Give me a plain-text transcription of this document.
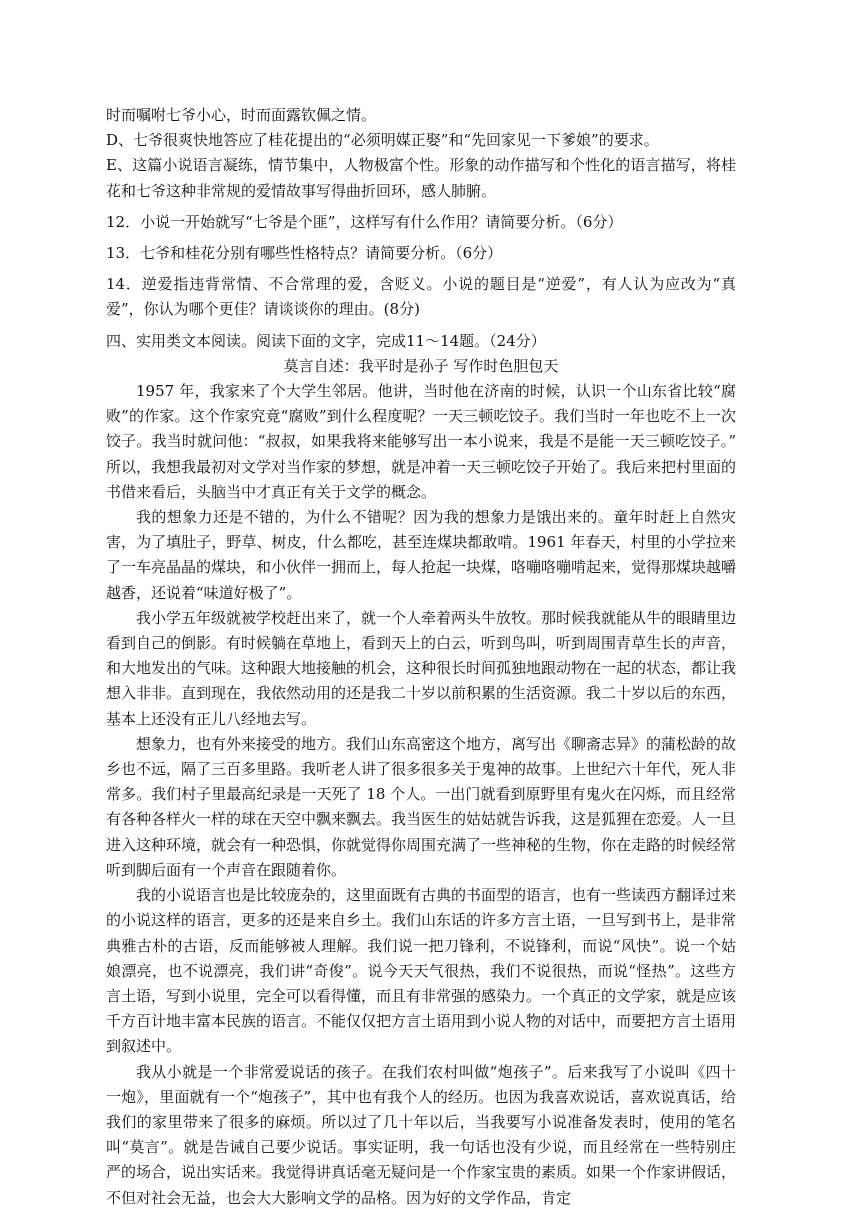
时而嘱咐七爷小心，时而面露钦佩之情。

D、七爷很爽快地答应了桂花提出的“必须明媒正娶”和“先回家见一下爹娘”的要求。

E、这篇小说语言凝练，情节集中，人物极富个性。形象的动作描写和个性化的语言描写，将桂花和七爷这种非常规的爱情故事写得曲折回环，感人肺腑。

12．小说一开始就写“七爷是个匪”，这样写有什么作用？请简要分析。（6分）

13．七爷和桂花分别有哪些性格特点？请简要分析。（6分）

14．逆爱指违背常情、不合常理的爱，含贬义。小说的题目是“逆爱”，有人认为应改为“真爱”，你认为哪个更佳？请谈谈你的理由。(8分)

四、实用类文本阅读。阅读下面的文字，完成11～14题。（24分）

莫言自述：我平时是孙子 写作时色胆包天

1957 年，我家来了个大学生邻居。他讲，当时他在济南的时候，认识一个山东省比较“腐败”的作家。这个作家究竟“腐败”到什么程度呢？一天三顿吃饺子。我们当时一年也吃不上一次饺子。我当时就问他：“叔叔，如果我将来能够写出一本小说来，我是不是能一天三顿吃饺子。” 所以，我想我最初对文学对当作家的梦想，就是冲着一天三顿吃饺子开始了。我后来把村里面的书借来看后，头脑当中才真正有关于文学的概念。

我的想象力还是不错的，为什么不错呢？因为我的想象力是饿出来的。童年时赶上自然灾害，为了填肚子，野草、树皮，什么都吃，甚至连煤块都敢啃。1961 年春天，村里的小学拉来了一车亮晶晶的煤块，和小伙伴一拥而上，每人抢起一块煤，咯嘣咯嘣啃起来，觉得那煤块越嚼越香，还说着“味道好极了”。

我小学五年级就被学校赶出来了，就一个人牵着两头牛放牧。那时候我就能从牛的眼睛里边看到自己的倒影。有时候躺在草地上，看到天上的白云，听到鸟叫，听到周围青草生长的声音，和大地发出的气味。这种跟大地接触的机会，这种很长时间孤独地跟动物在一起的状态，都让我想入非非。直到现在，我依然动用的还是我二十岁以前积累的生活资源。我二十岁以后的东西，基本上还没有正儿八经地去写。

想象力，也有外来接受的地方。我们山东高密这个地方，离写出《聊斋志异》的蒲松龄的故乡也不远，隔了三百多里路。我听老人讲了很多很多关于鬼神的故事。上世纪六十年代，死人非常多。我们村子里最高纪录是一天死了 18 个人。一出门就看到原野里有鬼火在闪烁，而且经常有各种各样火一样的球在天空中飘来飘去。我当医生的姑姑就告诉我，这是狐狸在恋爱。人一旦进入这种环境，就会有一种恐惧，你就觉得你周围充满了一些神秘的生物，你在走路的时候经常听到脚后面有一个声音在跟随着你。

我的小说语言也是比较庞杂的，这里面既有古典的书面型的语言，也有一些读西方翻译过来的小说这样的语言，更多的还是来自乡土。我们山东话的许多方言土语，一旦写到书上，是非常典雅古朴的古语，反而能够被人理解。我们说一把刀锋利，不说锋利，而说“风快”。说一个姑娘漂亮，也不说漂亮，我们讲“奇俊”。说今天天气很热，我们不说很热，而说“怪热”。这些方言土语，写到小说里，完全可以看得懂，而且有非常强的感染力。一个真正的文学家，就是应该千方百计地丰富本民族的语言。不能仅仅把方言土语用到小说人物的对话中，而要把方言土语用到叙述中。

我从小就是一个非常爱说话的孩子。在我们农村叫做“炮孩子”。后来我写了小说叫《四十一炮》，里面就有一个“炮孩子”，其中也有我个人的经历。也因为我喜欢说话，喜欢说真话，给我们的家里带来了很多的麻烦。所以过了几十年以后，当我要写小说准备发表时，使用的笔名叫“莫言”。就是告诫自己要少说话。事实证明，我一句话也没有少说，而且经常在一些特别庄严的场合，说出实话来。我觉得讲真话毫无疑问是一个作家宝贵的素质。如果一个作家讲假话，不但对社会无益，也会大大影响文学的品格。因为好的文学作品，肯定
